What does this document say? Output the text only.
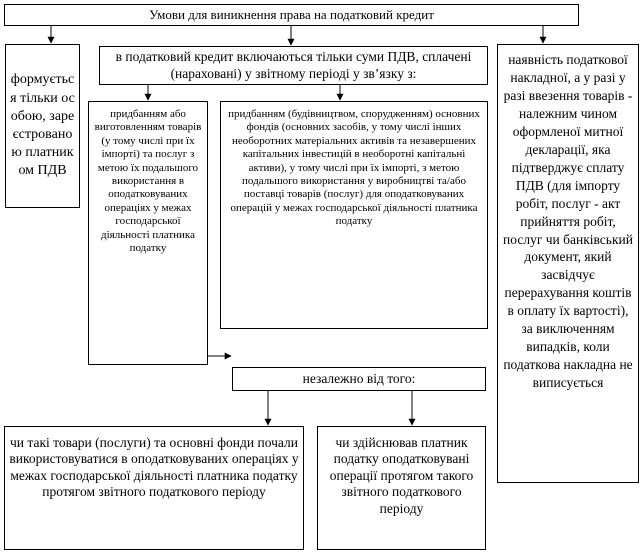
Умови для виникнення права на податковий кредит
формується тільки особою, зареєстрованою платником ПДВ
в податковий кредит включаються тільки суми ПДВ, сплачені (нараховані) у звітному періоді у зв’язку з:
придбанням або виготовленням товарів (у тому числі при їх імпорті) та послуг з метою їх подальшого використання в оподатковуваних операціях у межах господарської діяльності платника податку
придбанням (будівництвом, спорудженням) основних фондів (основних засобів, у тому числі інших необоротних матеріальних активів та незавершених капітальних інвестицій в необоротні капітальні активи), у тому числі при їх імпорті, з метою подальшого використання у виробництві та/або поставці товарів (послуг) для оподатковуваних операцій у межах господарської діяльності платника податку
незалежно від того:
чи такі товари (послуги) та основні фонди почали використовуватися в оподатковуваних операціях у межах господарської діяльності платника податку протягом звітного податкового періоду
чи здійснював платник податку оподатковувані операції протягом такого звітного податкового періоду
наявність податкової накладної, а у разі у разі ввезення товарів - належним чином оформленої митної декларації, яка підтверджує сплату ПДВ (для імпорту робіт, послуг - акт прийняття робіт, послуг чи банківський документ, який засвідчує перерахування коштів в оплату їх вартості), за виключенням випадків, коли податкова накладна не виписується
